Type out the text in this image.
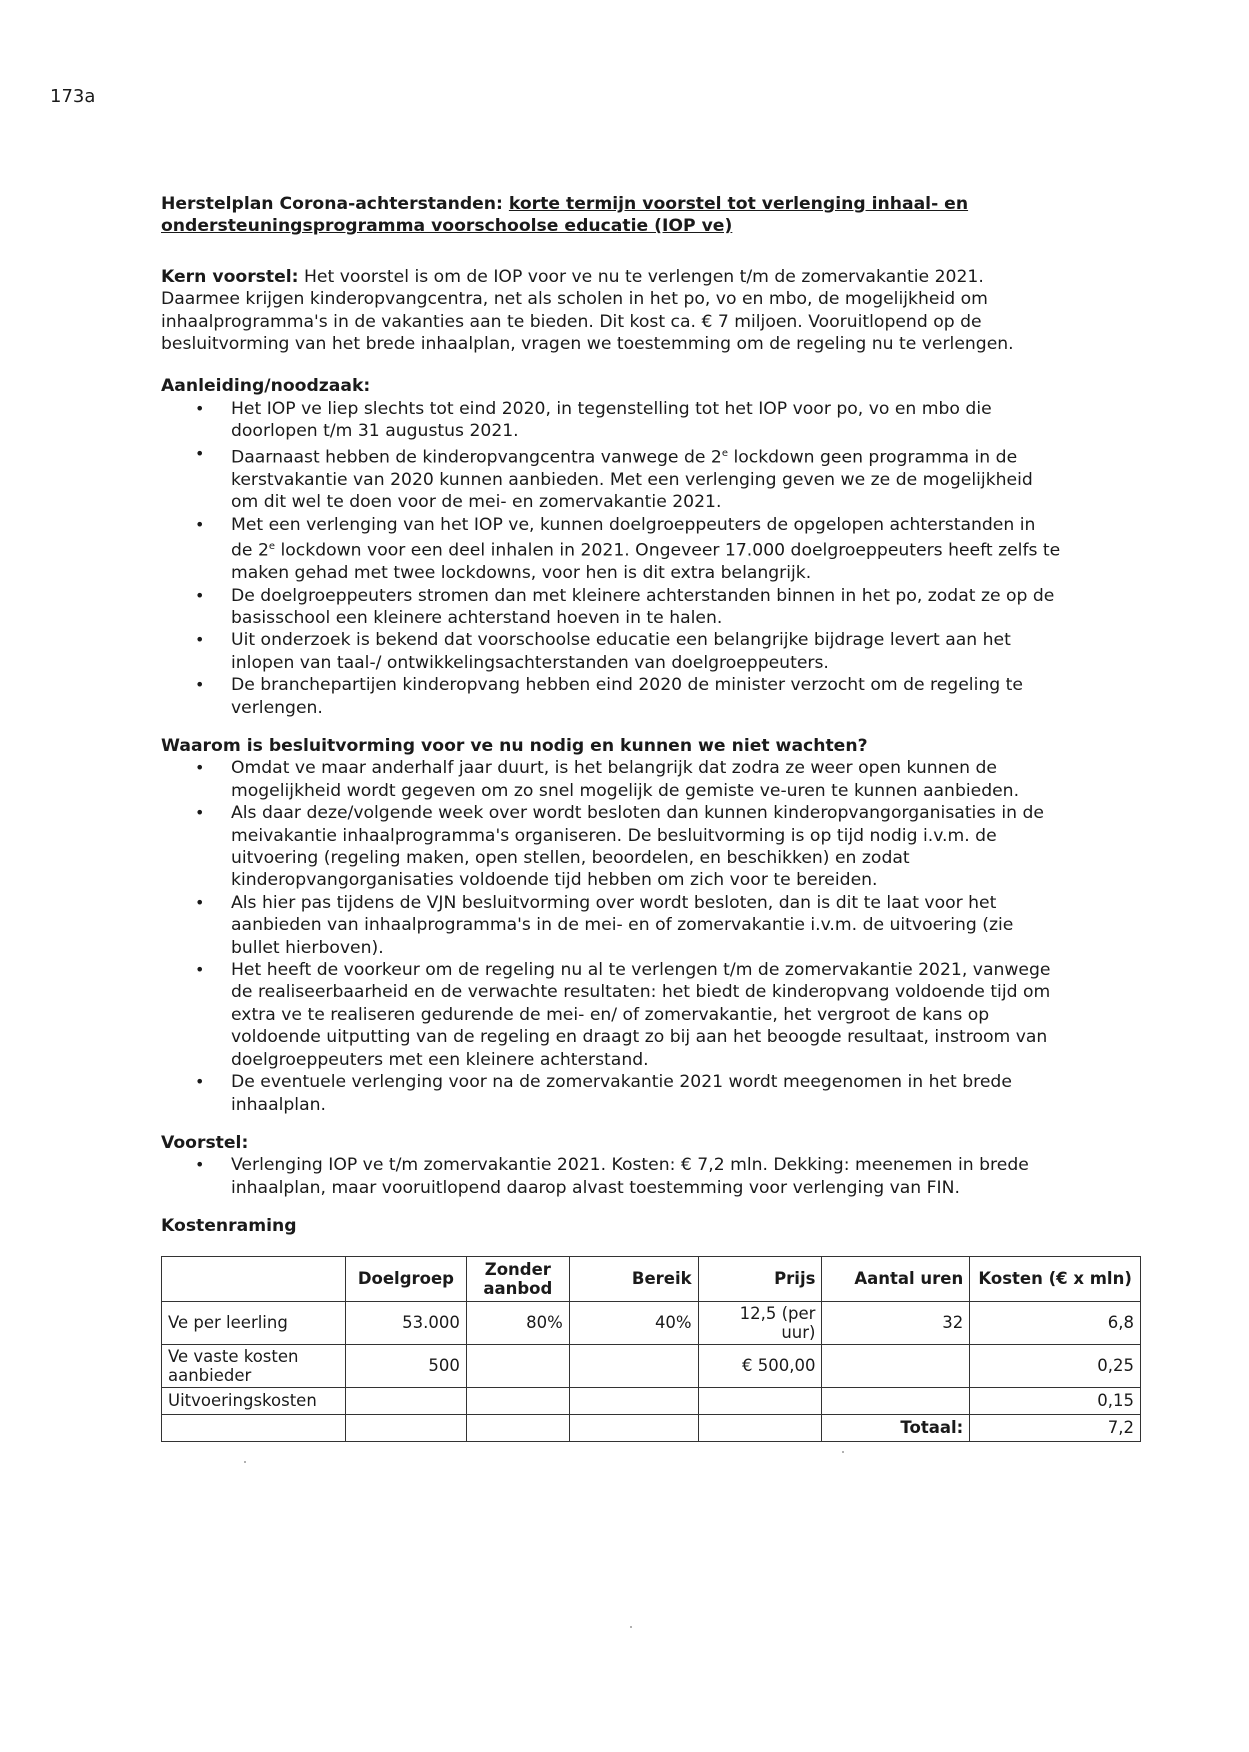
173a

Herstelplan Corona-achterstanden: korte termijn voorstel tot verlenging inhaal- en ondersteuningsprogramma voorschoolse educatie (IOP ve)

Kern voorstel: Het voorstel is om de IOP voor ve nu te verlengen t/m de zomervakantie 2021. Daarmee krijgen kinderopvangcentra, net als scholen in het po, vo en mbo, de mogelijkheid om inhaalprogramma's in de vakanties aan te bieden. Dit kost ca. € 7 miljoen. Vooruitlopend op de besluitvorming van het brede inhaalplan, vragen we toestemming om de regeling nu te verlengen.

Aanleiding/noodzaak:

• Het IOP ve liep slechts tot eind 2020, in tegenstelling tot het IOP voor po, vo en mbo die doorlopen t/m 31 augustus 2021.
• Daarnaast hebben de kinderopvangcentra vanwege de 2e lockdown geen programma in de kerstvakantie van 2020 kunnen aanbieden. Met een verlenging geven we ze de mogelijkheid om dit wel te doen voor de mei- en zomervakantie 2021.
• Met een verlenging van het IOP ve, kunnen doelgroeppeuters de opgelopen achterstanden in de 2e lockdown voor een deel inhalen in 2021. Ongeveer 17.000 doelgroeppeuters heeft zelfs te maken gehad met twee lockdowns, voor hen is dit extra belangrijk.
• De doelgroeppeuters stromen dan met kleinere achterstanden binnen in het po, zodat ze op de basisschool een kleinere achterstand hoeven in te halen.
• Uit onderzoek is bekend dat voorschoolse educatie een belangrijke bijdrage levert aan het inlopen van taal-/ ontwikkelingsachterstanden van doelgroeppeuters.
• De branchepartijen kinderopvang hebben eind 2020 de minister verzocht om de regeling te verlengen.

Waarom is besluitvorming voor ve nu nodig en kunnen we niet wachten?

• Omdat ve maar anderhalf jaar duurt, is het belangrijk dat zodra ze weer open kunnen de mogelijkheid wordt gegeven om zo snel mogelijk de gemiste ve-uren te kunnen aanbieden.
• Als daar deze/volgende week over wordt besloten dan kunnen kinderopvangorganisaties in de meivakantie inhaalprogramma's organiseren. De besluitvorming is op tijd nodig i.v.m. de uitvoering (regeling maken, open stellen, beoordelen, en beschikken) en zodat kinderopvangorganisaties voldoende tijd hebben om zich voor te bereiden.
• Als hier pas tijdens de VJN besluitvorming over wordt besloten, dan is dit te laat voor het aanbieden van inhaalprogramma's in de mei- en of zomervakantie i.v.m. de uitvoering (zie bullet hierboven).
• Het heeft de voorkeur om de regeling nu al te verlengen t/m de zomervakantie 2021, vanwege de realiseerbaarheid en de verwachte resultaten: het biedt de kinderopvang voldoende tijd om extra ve te realiseren gedurende de mei- en/ of zomervakantie, het vergroot de kans op voldoende uitputting van de regeling en draagt zo bij aan het beoogde resultaat, instroom van doelgroeppeuters met een kleinere achterstand.
• De eventuele verlenging voor na de zomervakantie 2021 wordt meegenomen in het brede inhaalplan.

Voorstel:

• Verlenging IOP ve t/m zomervakantie 2021. Kosten: € 7,2 mln. Dekking: meenemen in brede inhaalplan, maar vooruitlopend daarop alvast toestemming voor verlenging van FIN.

Kostenraming

	Doelgroep	Zonder aanbod	Bereik	Prijs	Aantal uren	Kosten (€ x mln)
Ve per leerling	53.000	80%	40%	12,5 (per uur)	32	6,8
Ve vaste kosten aanbieder	500			€ 500,00		0,25
Uitvoeringskosten						0,15
					Totaal:	7,2
